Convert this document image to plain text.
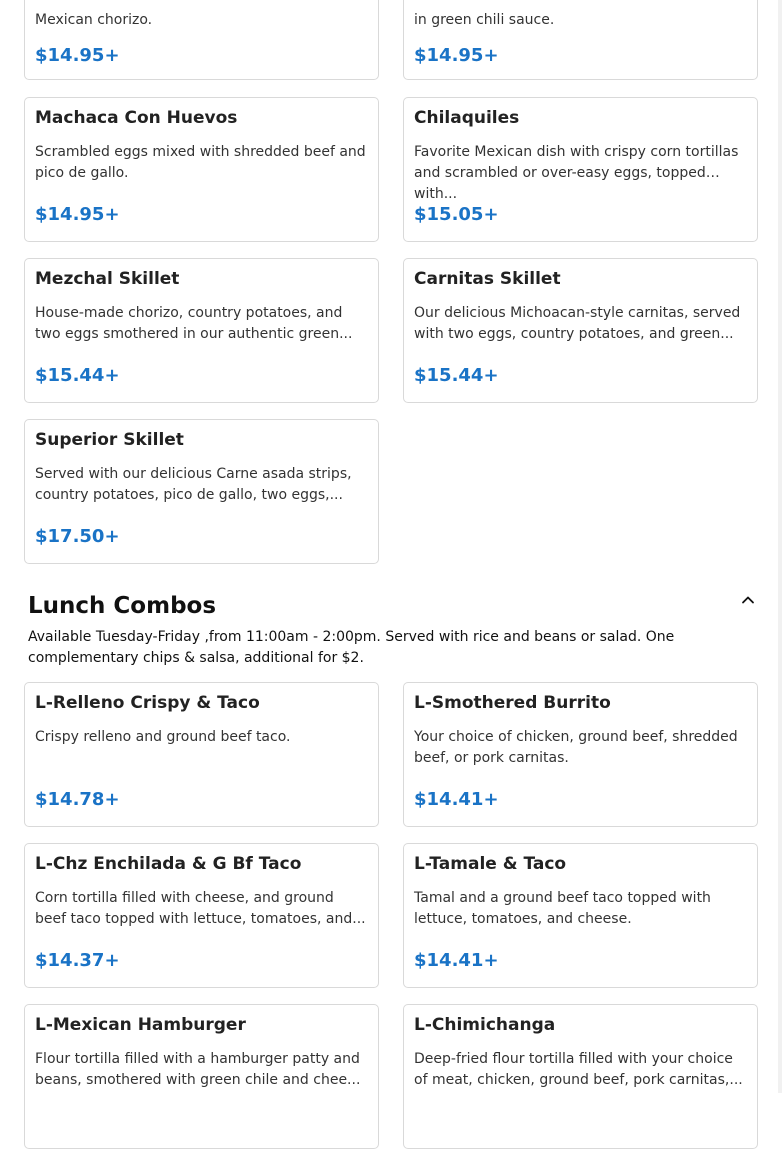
Mexican chorizo.
$14.95+
in green chili sauce.
$14.95+
Machaca Con Huevos
Scrambled eggs mixed with shredded beef and pico de gallo.
$14.95+
Chilaquiles
Favorite Mexican dish with crispy corn tortillas and scrambled or over-easy eggs, topped with...
$15.05+
Mezchal Skillet
House-made chorizo, country potatoes, and two eggs smothered in our authentic green...
$15.44+
Carnitas Skillet
Our delicious Michoacan-style carnitas, served with two eggs, country potatoes, and green...
$15.44+
Superior Skillet
Served with our delicious Carne asada strips, country potatoes, pico de gallo, two eggs,...
$17.50+
Lunch Combos
Available Tuesday-Friday ,from 11:00am - 2:00pm. Served with rice and beans or salad. One complementary chips & salsa, additional for $2.
L-Relleno Crispy & Taco
Crispy relleno and ground beef taco.
$14.78+
L-Smothered Burrito
Your choice of chicken, ground beef, shredded beef, or pork carnitas.
$14.41+
L-Chz Enchilada & G Bf Taco
Corn tortilla filled with cheese, and ground beef taco topped with lettuce, tomatoes, and...
$14.37+
L-Tamale & Taco
Tamal and a ground beef taco topped with lettuce, tomatoes, and cheese.
$14.41+
L-Mexican Hamburger
Flour tortilla filled with a hamburger patty and beans, smothered with green chile and chee...
L-Chimichanga
Deep-fried flour tortilla filled with your choice of meat, chicken, ground beef, pork carnitas,...
